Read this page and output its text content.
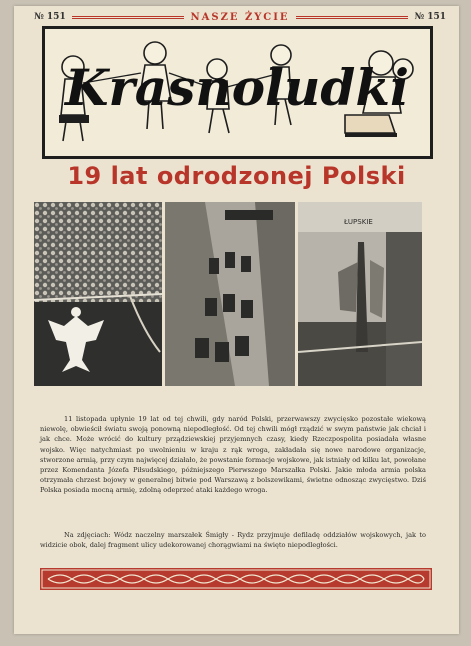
№ 151	NASZE ŻYCIE	№ 151
Krasnoludki
19 lat odrodzonej Polski
ŁUPSKIE

11 listopada upłynie 19 lat od tej chwili, gdy naród Polski, przerwawszy zwycięsko pozostałe wiekową niewolę, obwieścił światu swoją ponowną niepodległość. Od tej chwili mógł rządzić w swym państwie jak chciał i jak chce. Może wrócić do kultury prządziewskiej przyjemnych czasy, kiedy Rzeczpospolita posiadała własne wojsko. Więc natychmiast po uwolnieniu w kraju z rąk wroga, zakładała się nowe narodowe organizacje, stworzone armią, przy czym najwięcej działało, że powstanie formacje wojskowe, jak istniały od kilku lat, powołane przez Komendanta Józefa Piłsudskiego, późniejszego Pierwszego Marszałka Polski. Jakie młoda armia polska otrzymała chrzest bojowy w generalnej bitwie pod Warszawą z bolszewikami, świetne odnosząc zwycięstwo. Dziś Polska posiada mocną armię, zdolną odeprzeć ataki każdego wroga.

Na zdjęciach: Wódz naczelny marszałek Śmigły - Rydz przyjmuje defiladę oddziałów wojskowych, jak to widzicie obok, dalej fragment ulicy udekorowanej chorągwiami na święto niepodległości.
